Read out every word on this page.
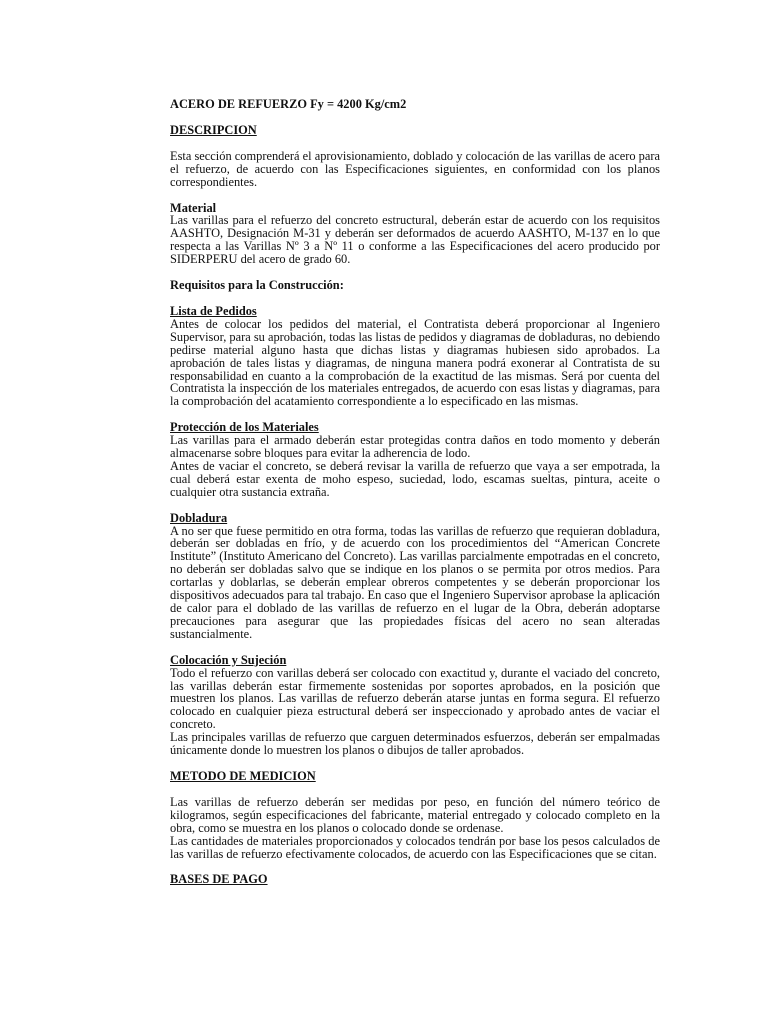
ACERO DE REFUERZO Fy = 4200 Kg/cm2
DESCRIPCION

Esta sección comprenderá el aprovisionamiento, doblado y colocación de las varillas de acero para el refuerzo, de acuerdo con las Especificaciones siguientes, en conformidad con los planos correspondientes.

Material

Las varillas para el refuerzo del concreto estructural, deberán estar de acuerdo con los requisitos AASHTO, Designación M-31 y deberán ser deformados de acuerdo AASHTO, M-137 en lo que respecta a las Varillas Nº 3 a Nº 11 o conforme a las Especificaciones del acero producido por SIDERPERU del acero de grado 60.

Requisitos para la Construcción:
Lista de Pedidos

Antes de colocar los pedidos del material, el Contratista deberá proporcionar al Ingeniero Supervisor, para su aprobación, todas las listas de pedidos y diagramas de dobladuras, no debiendo pedirse material alguno hasta que dichas listas y diagramas hubiesen sido aprobados. La aprobación de tales listas y diagramas, de ninguna manera podrá exonerar al Contratista de su responsabilidad en cuanto a la comprobación de la exactitud de las mismas. Será por cuenta del Contratista la inspección de los materiales entregados, de acuerdo con esas listas y diagramas, para la comprobación del acatamiento correspondiente a lo especificado en las mismas.

Protección de los Materiales

Las varillas para el armado deberán estar protegidas contra daños en todo momento y deberán almacenarse sobre bloques para evitar la adherencia de lodo.

Antes de vaciar el concreto, se deberá revisar la varilla de refuerzo que vaya a ser empotrada, la cual deberá estar exenta de moho espeso, suciedad, lodo, escamas sueltas, pintura, aceite o cualquier otra sustancia extraña.

Dobladura

A no ser que fuese permitido en otra forma, todas las varillas de refuerzo que requieran dobladura, deberán ser dobladas en frío, y de acuerdo con los procedimientos del “American Concrete Institute” (Instituto Americano del Concreto). Las varillas parcialmente empotradas en el concreto, no deberán ser dobladas salvo que se indique en los planos o se permita por otros medios. Para cortarlas y doblarlas, se deberán emplear obreros competentes y se deberán proporcionar los dispositivos adecuados para tal trabajo. En caso que el Ingeniero Supervisor aprobase la aplicación de calor para el doblado de las varillas de refuerzo en el lugar de la Obra, deberán adoptarse precauciones para asegurar que las propiedades físicas del acero no sean alteradas sustancialmente.

Colocación y Sujeción

Todo el refuerzo con varillas deberá ser colocado con exactitud y, durante el vaciado del concreto, las varillas deberán estar firmemente sostenidas por soportes aprobados, en la posición que muestren los planos. Las varillas de refuerzo deberán atarse juntas en forma segura. El refuerzo colocado en cualquier pieza estructural deberá ser inspeccionado y aprobado antes de vaciar el concreto.

Las principales varillas de refuerzo que carguen determinados esfuerzos, deberán ser empalmadas únicamente donde lo muestren los planos o dibujos de taller aprobados.

METODO DE MEDICION

Las varillas de refuerzo deberán ser medidas por peso, en función del número teórico de kilogramos, según especificaciones del fabricante, material entregado y colocado completo en la obra, como se muestra en los planos o colocado donde se ordenase.

Las cantidades de materiales proporcionados y colocados tendrán por base los pesos calculados de las varillas de refuerzo efectivamente colocados, de acuerdo con las Especificaciones que se citan.

BASES DE PAGO
